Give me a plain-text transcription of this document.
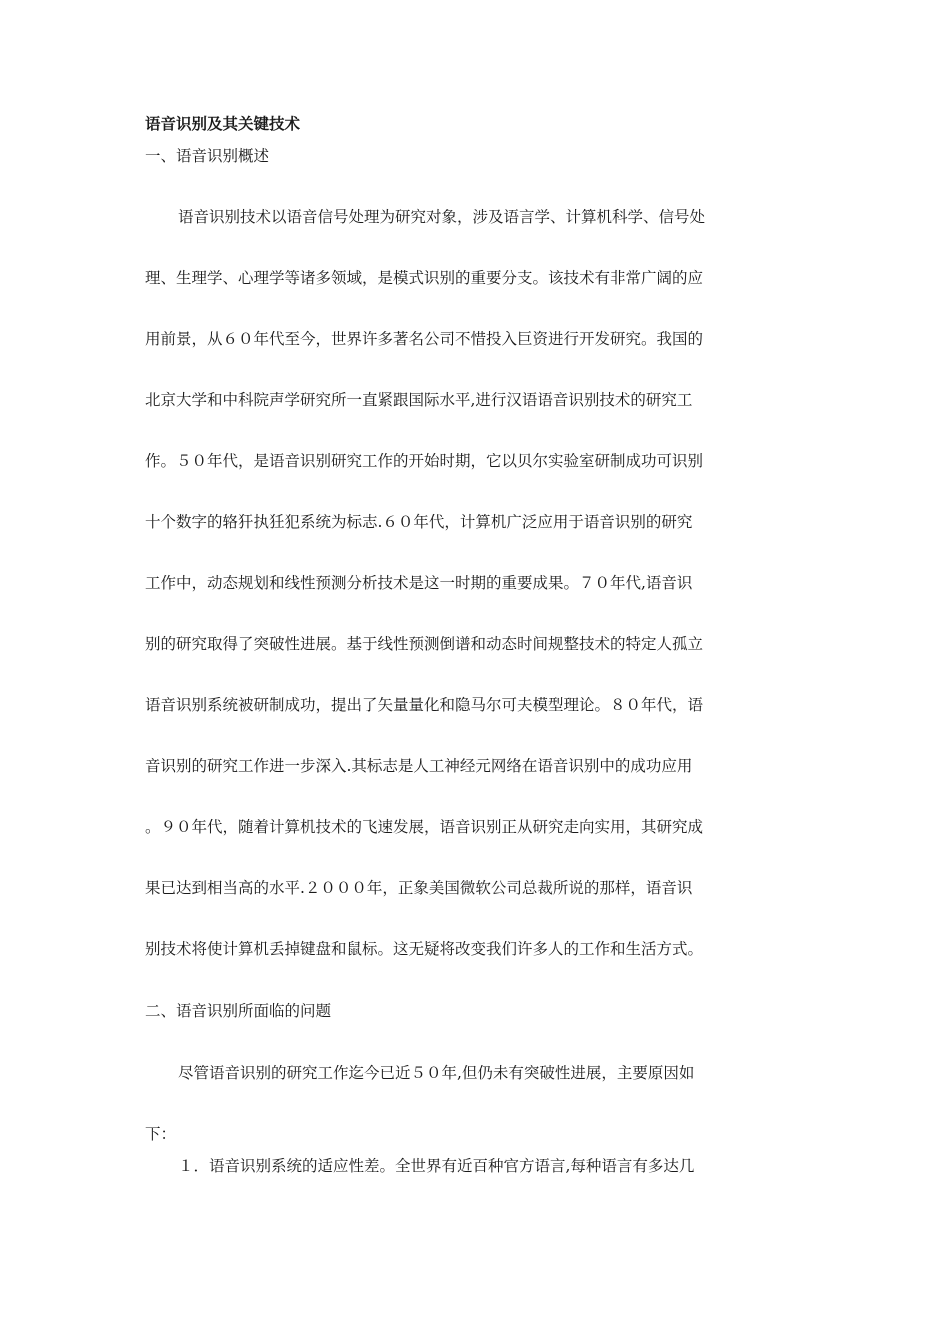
语音识别及其关键技术
一、语音识别概述
语音识别技术以语音信号处理为研究对象，涉及语言学、计算机科学、信号处
理、生理学、心理学等诸多领域，是模式识别的重要分支。该技术有非常广阔的应
用前景，从６０年代至今，世界许多著名公司不惜投入巨资进行开发研究。我国的
北京大学和中科院声学研究所一直紧跟国际水平,进行汉语语音识别技术的研究工
作。５０年代，是语音识别研究工作的开始时期，它以贝尔实验室研制成功可识别
十个数字的辂犴执狅犯系统为标志.６０年代，计算机广泛应用于语音识别的研究
工作中，动态规划和线性预测分析技术是这一时期的重要成果。７０年代,语音识
别的研究取得了突破性进展。基于线性预测倒谱和动态时间规整技术的特定人孤立
语音识别系统被研制成功，提出了矢量量化和隐马尔可夫模型理论。８０年代，语
音识别的研究工作进一步深入.其标志是人工神经元网络在语音识别中的成功应用
。９０年代，随着计算机技术的飞速发展，语音识别正从研究走向实用，其研究成
果已达到相当高的水平.２０００年，正象美国微软公司总裁所说的那样，语音识
别技术将使计算机丢掉键盘和鼠标。这无疑将改变我们许多人的工作和生活方式。
二、语音识别所面临的问题
尽管语音识别的研究工作迄今已近５０年,但仍未有突破性进展，主要原因如
下：
１．语音识别系统的适应性差。全世界有近百种官方语言,每种语言有多达几
